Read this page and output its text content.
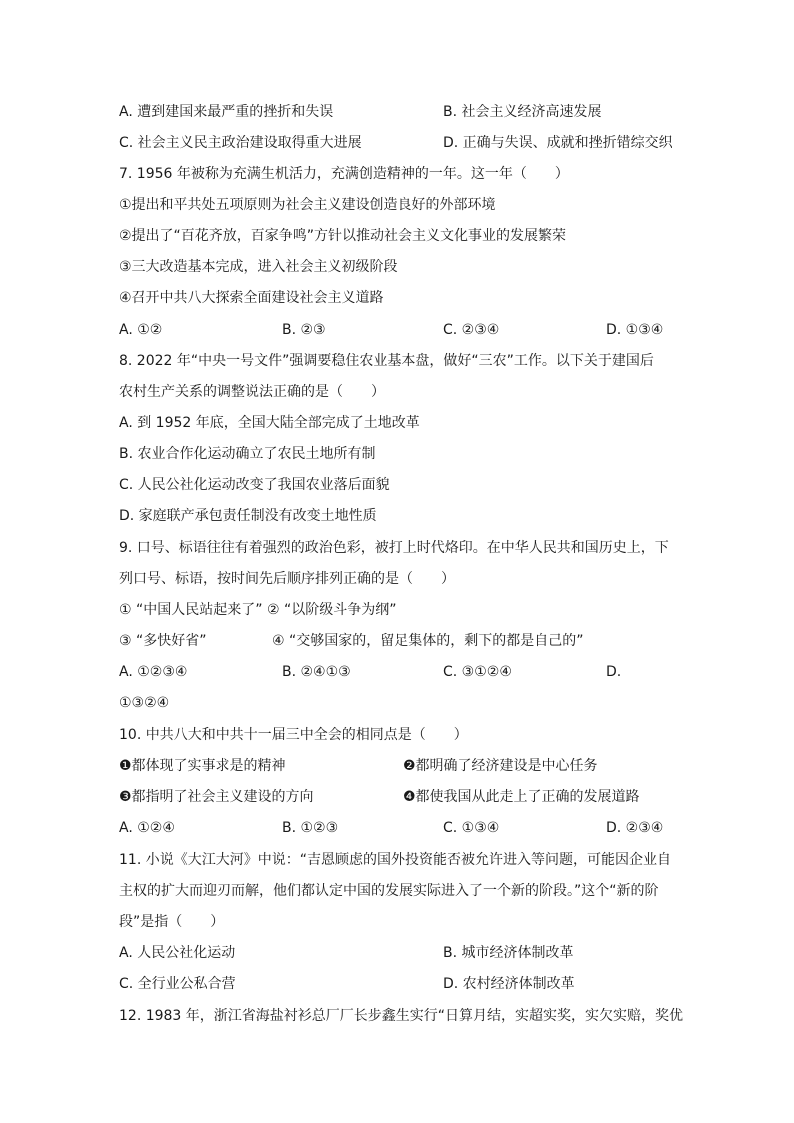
A. 遭到建国来最严重的挫折和失误	B. 社会主义经济高速发展
C. 社会主义民主政治建设取得重大进展	D. 正确与失误、成就和挫折错综交织
7. 1956 年被称为充满生机活力，充满创造精神的一年。这一年（　　）
①提出和平共处五项原则为社会主义建设创造良好的外部环境
②提出了“百花齐放，百家争鸣”方针以推动社会主义文化事业的发展繁荣
③三大改造基本完成，进入社会主义初级阶段
④召开中共八大探索全面建设社会主义道路
A. ①②	B. ②③	C. ②③④	D. ①③④
8. 2022 年“中央一号文件”强调要稳住农业基本盘，做好“三农”工作。以下关于建国后
农村生产关系的调整说法正确的是（　　）
A. 到 1952 年底，全国大陆全部完成了土地改革
B. 农业合作化运动确立了农民土地所有制
C. 人民公社化运动改变了我国农业落后面貌
D. 家庭联产承包责任制没有改变土地性质
9. 口号、标语往往有着强烈的政治色彩，被打上时代烙印。在中华人民共和国历史上，下
列口号、标语，按时间先后顺序排列正确的是（　　）
① “中国人民站起来了” ② “以阶级斗争为纲”
③ “多快好省”	④ “交够国家的，留足集体的，剩下的都是自己的”
A. ①②③④	B. ②④①③	C. ③①②④	D.
①③②④
10. 中共八大和中共十一届三中全会的相同点是（　　）
❶都体现了实事求是的精神	❷都明确了经济建设是中心任务
❸都指明了社会主义建设的方向	❹都使我国从此走上了正确的发展道路
A. ①②④	B. ①②③	C. ①③④	D. ②③④
11. 小说《大江大河》中说：“吉恩顾虑的国外投资能否被允许进入等问题，可能因企业自
主权的扩大而迎刃而解，他们都认定中国的发展实际进入了一个新的阶段。”这个“新的阶
段”是指（　　）
A. 人民公社化运动	B. 城市经济体制改革
C. 全行业公私合营	D. 农村经济体制改革
12. 1983 年，浙江省海盐衬衫总厂厂长步鑫生实行“日算月结，实超实奖，实欠实赔，奖优
